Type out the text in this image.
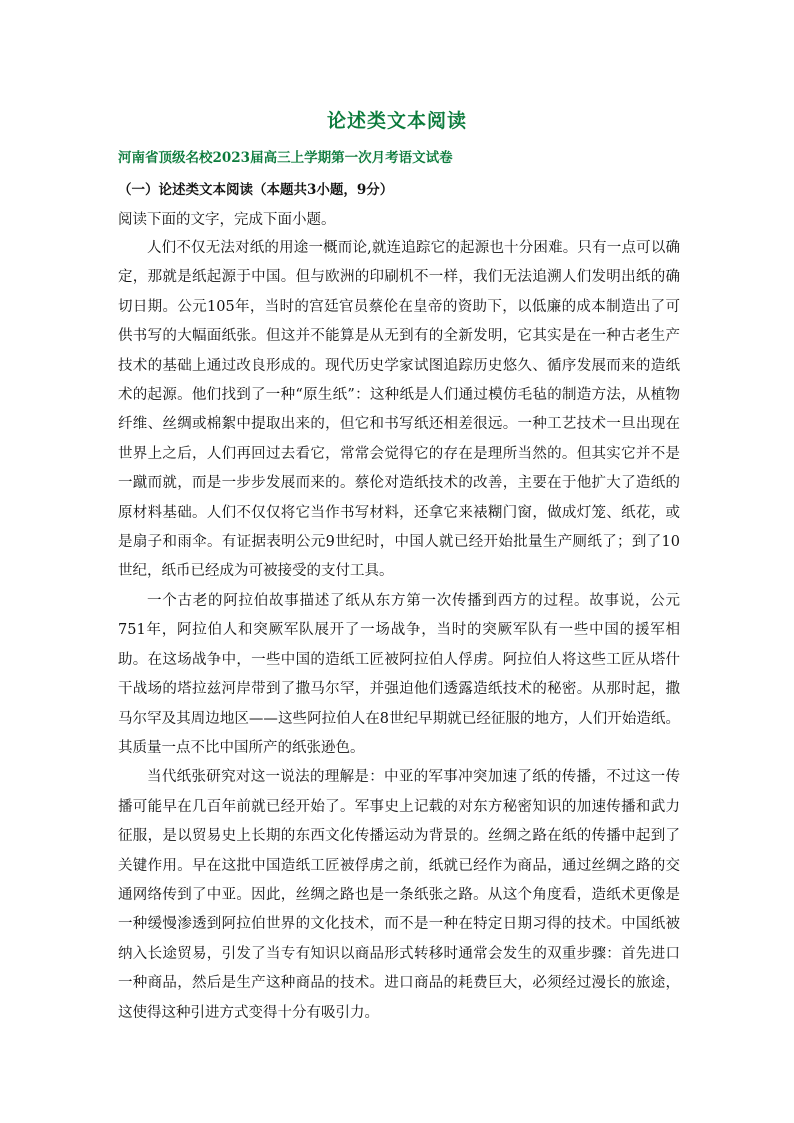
论述类文本阅读
河南省顶级名校2023届高三上学期第一次月考语文试卷
（一）论述类文本阅读（本题共3小题，9分）
阅读下面的文字，完成下面小题。

人们不仅无法对纸的用途一概而论,就连追踪它的起源也十分困难。只有一点可以确定，那就是纸起源于中国。但与欧洲的印刷机不一样，我们无法追溯人们发明出纸的确切日期。公元105年，当时的宫廷官员蔡伦在皇帝的资助下，以低廉的成本制造出了可供书写的大幅面纸张。但这并不能算是从无到有的全新发明，它其实是在一种古老生产技术的基础上通过改良形成的。现代历史学家试图追踪历史悠久、循序发展而来的造纸术的起源。他们找到了一种“原生纸”：这种纸是人们通过模仿毛毡的制造方法，从植物纤维、丝绸或棉絮中提取出来的，但它和书写纸还相差很远。一种工艺技术一旦出现在世界上之后，人们再回过去看它，常常会觉得它的存在是理所当然的。但其实它并不是一蹴而就，而是一步步发展而来的。蔡伦对造纸技术的改善，主要在于他扩大了造纸的原材料基础。人们不仅仅将它当作书写材料，还拿它来裱糊门窗，做成灯笼、纸花，或是扇子和雨伞。有证据表明公元9世纪时，中国人就已经开始批量生产厕纸了；到了10世纪，纸币已经成为可被接受的支付工具。

一个古老的阿拉伯故事描述了纸从东方第一次传播到西方的过程。故事说，公元751年，阿拉伯人和突厥军队展开了一场战争，当时的突厥军队有一些中国的援军相助。在这场战争中，一些中国的造纸工匠被阿拉伯人俘虏。阿拉伯人将这些工匠从塔什干战场的塔拉兹河岸带到了撒马尔罕，并强迫他们透露造纸技术的秘密。从那时起，撒马尔罕及其周边地区——这些阿拉伯人在8世纪早期就已经征服的地方，人们开始造纸。其质量一点不比中国所产的纸张逊色。

当代纸张研究对这一说法的理解是：中亚的军事冲突加速了纸的传播，不过这一传播可能早在几百年前就已经开始了。军事史上记载的对东方秘密知识的加速传播和武力征服，是以贸易史上长期的东西文化传播运动为背景的。丝绸之路在纸的传播中起到了关键作用。早在这批中国造纸工匠被俘虏之前，纸就已经作为商品，通过丝绸之路的交通网络传到了中亚。因此，丝绸之路也是一条纸张之路。从这个角度看，造纸术更像是一种缓慢渗透到阿拉伯世界的文化技术，而不是一种在特定日期习得的技术。中国纸被纳入长途贸易，引发了当专有知识以商品形式转移时通常会发生的双重步骤：首先进口一种商品，然后是生产这种商品的技术。进口商品的耗费巨大，必须经过漫长的旅途，这使得这种引进方式变得十分有吸引力。
